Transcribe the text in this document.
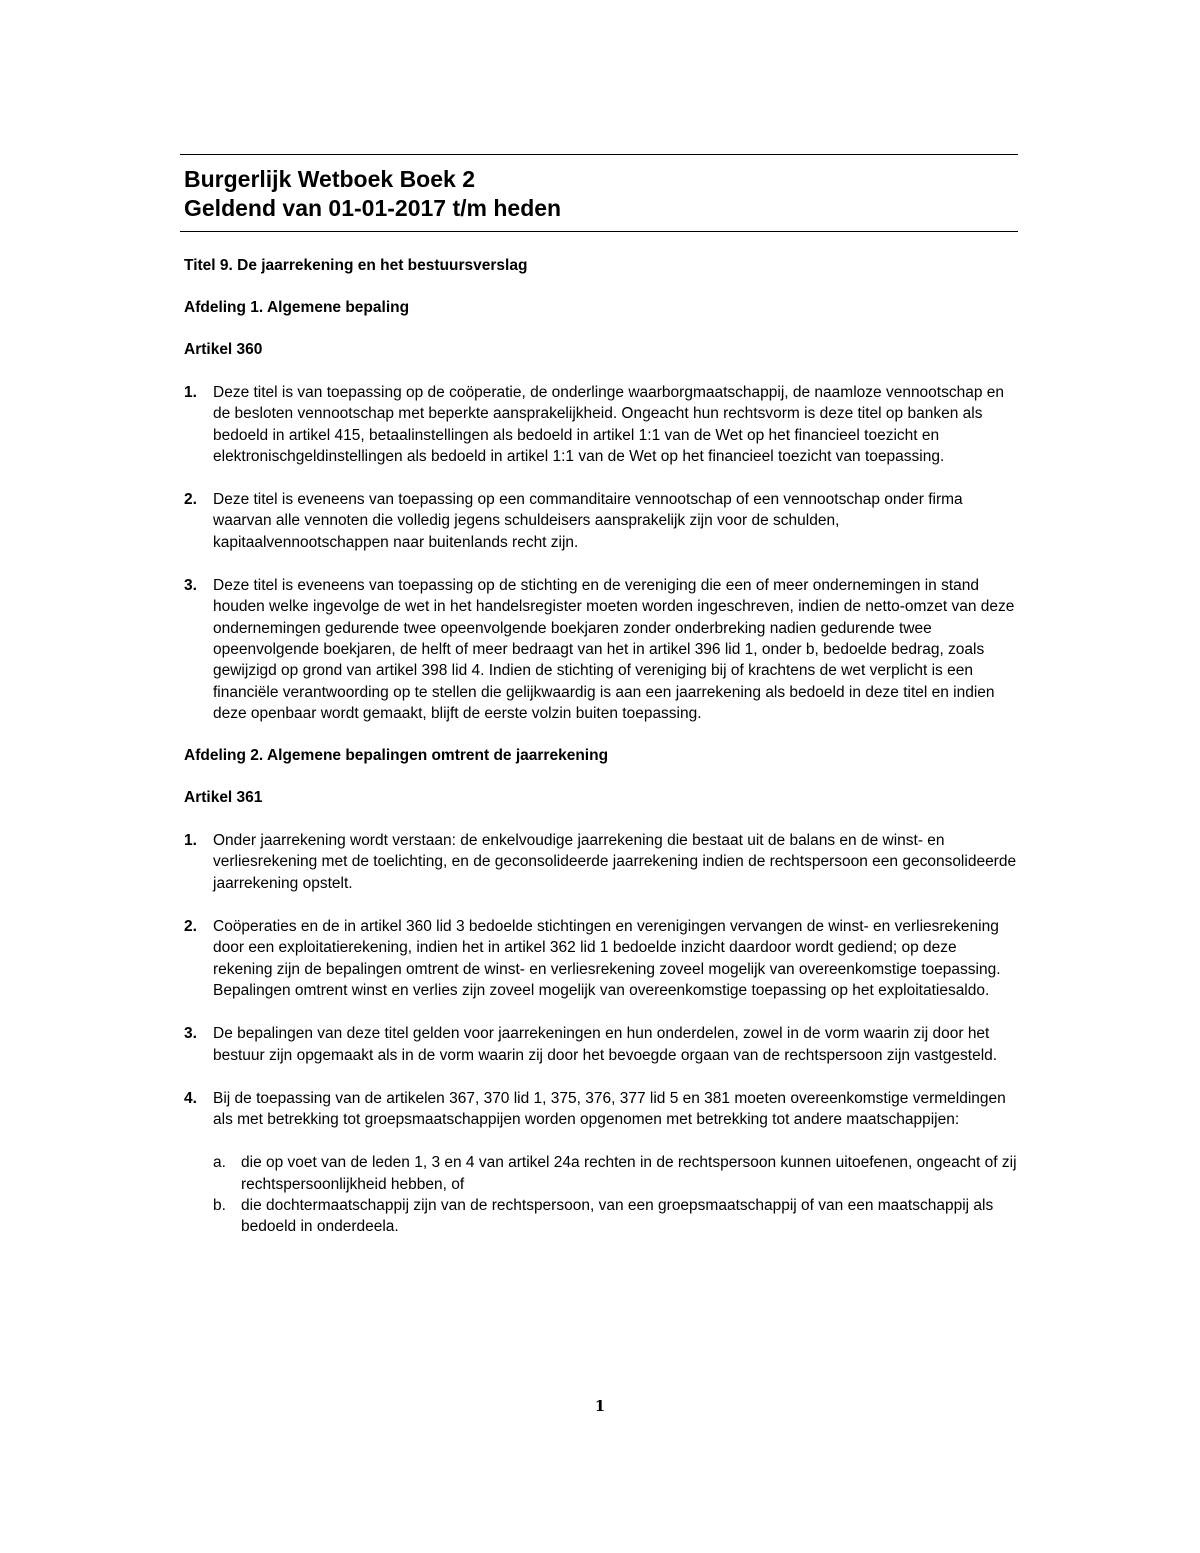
Burgerlijk Wetboek Boek 2
Geldend van 01-01-2017 t/m heden
Titel 9. De jaarrekening en het bestuursverslag
Afdeling 1. Algemene bepaling
Artikel 360
1. Deze titel is van toepassing op de coöperatie, de onderlinge waarborgmaatschappij, de naamloze vennootschap en de besloten vennootschap met beperkte aansprakelijkheid. Ongeacht hun rechtsvorm is deze titel op banken als bedoeld in artikel 415, betaalinstellingen als bedoeld in artikel 1:1 van de Wet op het financieel toezicht en elektronischgeldinstellingen als bedoeld in artikel 1:1 van de Wet op het financieel toezicht van toepassing.
2. Deze titel is eveneens van toepassing op een commanditaire vennootschap of een vennootschap onder firma waarvan alle vennoten die volledig jegens schuldeisers aansprakelijk zijn voor de schulden, kapitaalvennootschappen naar buitenlands recht zijn.
3. Deze titel is eveneens van toepassing op de stichting en de vereniging die een of meer ondernemingen in stand houden welke ingevolge de wet in het handelsregister moeten worden ingeschreven, indien de netto-omzet van deze ondernemingen gedurende twee opeenvolgende boekjaren zonder onderbreking nadien gedurende twee opeenvolgende boekjaren, de helft of meer bedraagt van het in artikel 396 lid 1, onder b, bedoelde bedrag, zoals gewijzigd op grond van artikel 398 lid 4. Indien de stichting of vereniging bij of krachtens de wet verplicht is een financiële verantwoording op te stellen die gelijkwaardig is aan een jaarrekening als bedoeld in deze titel en indien deze openbaar wordt gemaakt, blijft de eerste volzin buiten toepassing.
Afdeling 2. Algemene bepalingen omtrent de jaarrekening
Artikel 361
1. Onder jaarrekening wordt verstaan: de enkelvoudige jaarrekening die bestaat uit de balans en de winst- en verliesrekening met de toelichting, en de geconsolideerde jaarrekening indien de rechtspersoon een geconsolideerde jaarrekening opstelt.
2. Coöperaties en de in artikel 360 lid 3 bedoelde stichtingen en verenigingen vervangen de winst- en verliesrekening door een exploitatierekening, indien het in artikel 362 lid 1 bedoelde inzicht daardoor wordt gediend; op deze rekening zijn de bepalingen omtrent de winst- en verliesrekening zoveel mogelijk van overeenkomstige toepassing. Bepalingen omtrent winst en verlies zijn zoveel mogelijk van overeenkomstige toepassing op het exploitatiesaldo.
3. De bepalingen van deze titel gelden voor jaarrekeningen en hun onderdelen, zowel in de vorm waarin zij door het bestuur zijn opgemaakt als in de vorm waarin zij door het bevoegde orgaan van de rechtspersoon zijn vastgesteld.
4. Bij de toepassing van de artikelen 367, 370 lid 1, 375, 376, 377 lid 5 en 381 moeten overeenkomstige vermeldingen als met betrekking tot groepsmaatschappijen worden opgenomen met betrekking tot andere maatschappijen:
a. die op voet van de leden 1, 3 en 4 van artikel 24a rechten in de rechtspersoon kunnen uitoefenen, ongeacht of zij rechtspersoonlijkheid hebben, of
b. die dochtermaatschappij zijn van de rechtspersoon, van een groepsmaatschappij of van een maatschappij als bedoeld in onderdeela.
1
